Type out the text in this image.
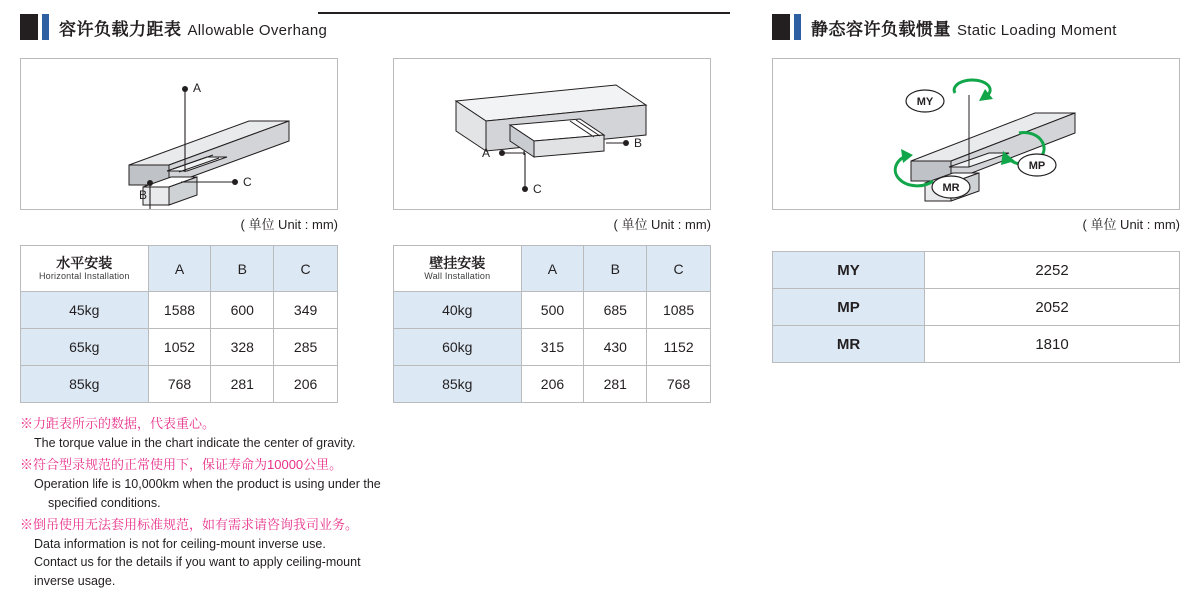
容许负载力距表 Allowable Overhang	静态容许负载惯量 Static Loading Moment
A
C
B
( 单位 Unit : mm)
B
A
C
( 单位 Unit : mm)
MY
MP
MR
( 单位 Unit : mm)
水平安装
Horizontal Installation	A	B	C
45kg	1588	600	349
65kg	1052	328	285
85kg	768	281	206
壁挂安装
Wall Installation	A	B	C
40kg	500	685	1085
60kg	315	430	1152
85kg	206	281	768
MY	2252
MP	2052
MR	1810
※力距表所示的数据，代表重心。
The torque value in the chart indicate the center of gravity.
※符合型录规范的正常使用下，保证寿命为10000公里。
Operation life is 10,000km when the product is using under the
specified conditions.
※倒吊使用无法套用标准规范，如有需求请咨询我司业务。
Data information is not for ceiling-mount inverse use.
Contact us for the details if you want to apply ceiling-mount
inverse usage.
